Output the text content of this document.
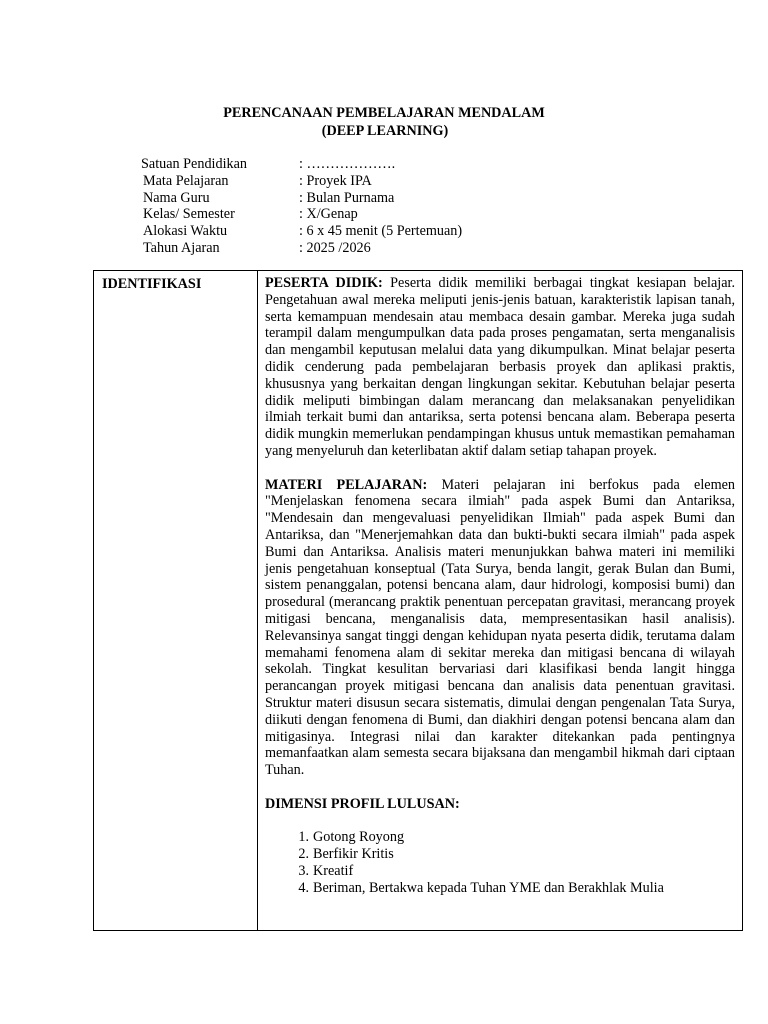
PERENCANAAN PEMBELAJARAN MENDALAM
(DEEP LEARNING)
Satuan Pendidikan	: ……………….
Mata Pelajaran	: Proyek IPA
Nama Guru	: Bulan Purnama
Kelas/ Semester	: X/Genap
Alokasi Waktu	: 6 x 45 menit (5 Pertemuan)
Tahun Ajaran	: 2025 /2026
IDENTIFIKASI	PESERTA DIDIK: Peserta didik memiliki berbagai tingkat kesiapan belajar. Pengetahuan awal mereka meliputi jenis-jenis batuan, karakteristik lapisan tanah, serta kemampuan mendesain atau membaca desain gambar. Mereka juga sudah terampil dalam mengumpulkan data pada proses pengamatan, serta menganalisis dan mengambil keputusan melalui data yang dikumpulkan. Minat belajar peserta didik cenderung pada pembelajaran berbasis proyek dan aplikasi praktis, khususnya yang berkaitan dengan lingkungan sekitar. Kebutuhan belajar peserta didik meliputi bimbingan dalam merancang dan melaksanakan penyelidikan ilmiah terkait bumi dan antariksa, serta potensi bencana alam. Beberapa peserta didik mungkin memerlukan pendampingan khusus untuk memastikan pemahaman yang menyeluruh dan keterlibatan aktif dalam setiap tahapan proyek.

MATERI PELAJARAN: Materi pelajaran ini berfokus pada elemen "Menjelaskan fenomena secara ilmiah" pada aspek Bumi dan Antariksa, "Mendesain dan mengevaluasi penyelidikan Ilmiah" pada aspek Bumi dan Antariksa, dan "Menerjemahkan data dan bukti-bukti secara ilmiah" pada aspek Bumi dan Antariksa. Analisis materi menunjukkan bahwa materi ini memiliki jenis pengetahuan konseptual (Tata Surya, benda langit, gerak Bulan dan Bumi, sistem penanggalan, potensi bencana alam, daur hidrologi, komposisi bumi) dan prosedural (merancang praktik penentuan percepatan gravitasi, merancang proyek mitigasi bencana, menganalisis data, mempresentasikan hasil analisis). Relevansinya sangat tinggi dengan kehidupan nyata peserta didik, terutama dalam memahami fenomena alam di sekitar mereka dan mitigasi bencana di wilayah sekolah. Tingkat kesulitan bervariasi dari klasifikasi benda langit hingga perancangan proyek mitigasi bencana dan analisis data penentuan gravitasi. Struktur materi disusun secara sistematis, dimulai dengan pengenalan Tata Surya, diikuti dengan fenomena di Bumi, dan diakhiri dengan potensi bencana alam dan mitigasinya. Integrasi nilai dan karakter ditekankan pada pentingnya memanfaatkan alam semesta secara bijaksana dan mengambil hikmah dari ciptaan Tuhan.

DIMENSI PROFIL LULUSAN:

1. Gotong Royong
2. Berfikir Kritis
3. Kreatif
4. Beriman, Bertakwa kepada Tuhan YME dan Berakhlak Mulia
